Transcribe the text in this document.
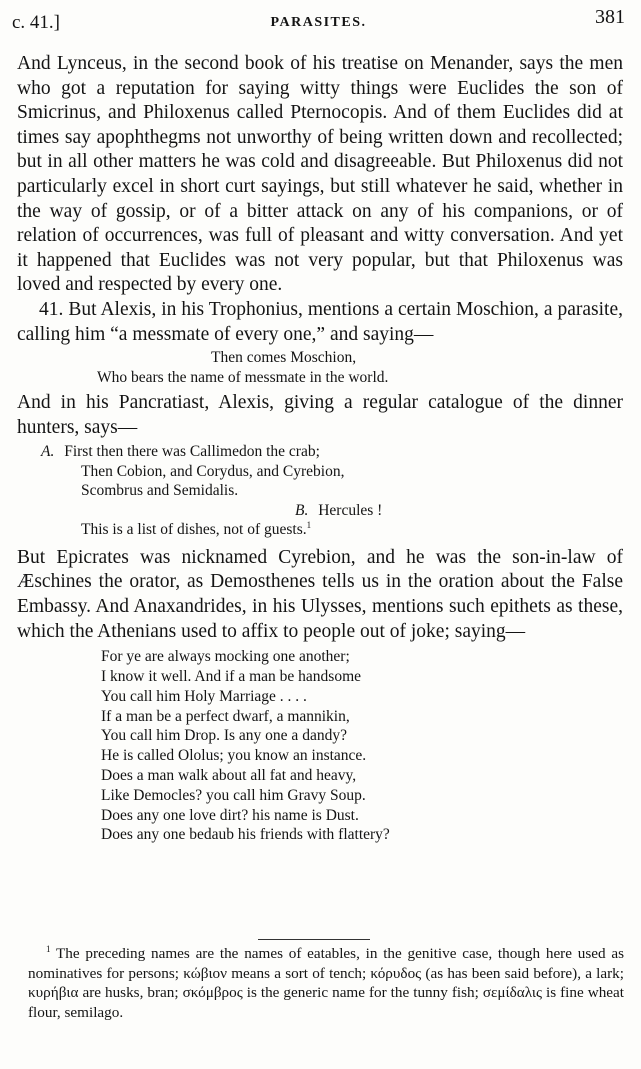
c. 41.]	PARASITES.	381

And Lynceus, in the second book of his treatise on Menander, says the men who got a reputation for saying witty things were Euclides the son of Smicrinus, and Philoxenus called Pternocopis. And of them Euclides did at times say apophthegms not unworthy of being written down and recollected; but in all other matters he was cold and disagreeable. But Philoxenus did not particularly excel in short curt sayings, but still whatever he said, whether in the way of gossip, or of a bitter attack on any of his companions, or of relation of occurrences, was full of pleasant and witty conversation. And yet it happened that Euclides was not very popular, but that Philoxenus was loved and respected by every one.

41. But Alexis, in his Trophonius, mentions a certain Moschion, a parasite, calling him “a messmate of every one,” and saying—

Then comes Moschion,
Who bears the name of messmate in the world.

And in his Pancratiast, Alexis, giving a regular catalogue of the dinner hunters, says—

A. First then there was Callimedon the crab;
Then Cobion, and Corydus, and Cyrebion,
Scombrus and Semidalis.
B. Hercules !
This is a list of dishes, not of guests.$^1$

But Epicrates was nicknamed Cyrebion, and he was the son-in-law of Æschines the orator, as Demosthenes tells us in the oration about the False Embassy. And Anaxandrides, in his Ulysses, mentions such epithets as these, which the Athenians used to affix to people out of joke; saying—

For ye are always mocking one another;
I know it well. And if a man be handsome
You call him Holy Marriage . . . .
If a man be a perfect dwarf, a mannikin,
You call him Drop. Is any one a dandy?
He is called Ololus; you know an instance.
Does a man walk about all fat and heavy,
Like Democles? you call him Gravy Soup.
Does any one love dirt? his name is Dust.
Does any one bedaub his friends with flattery?

$^1$ The preceding names are the names of eatables, in the genitive case, though here used as nominatives for persons; κώβιον means a sort of tench; κόρυδος (as has been said before), a lark; κυρήβια are husks, bran; σκόμβρος is the generic name for the tunny fish; σεμίδαλις is fine wheat flour, semilago.
